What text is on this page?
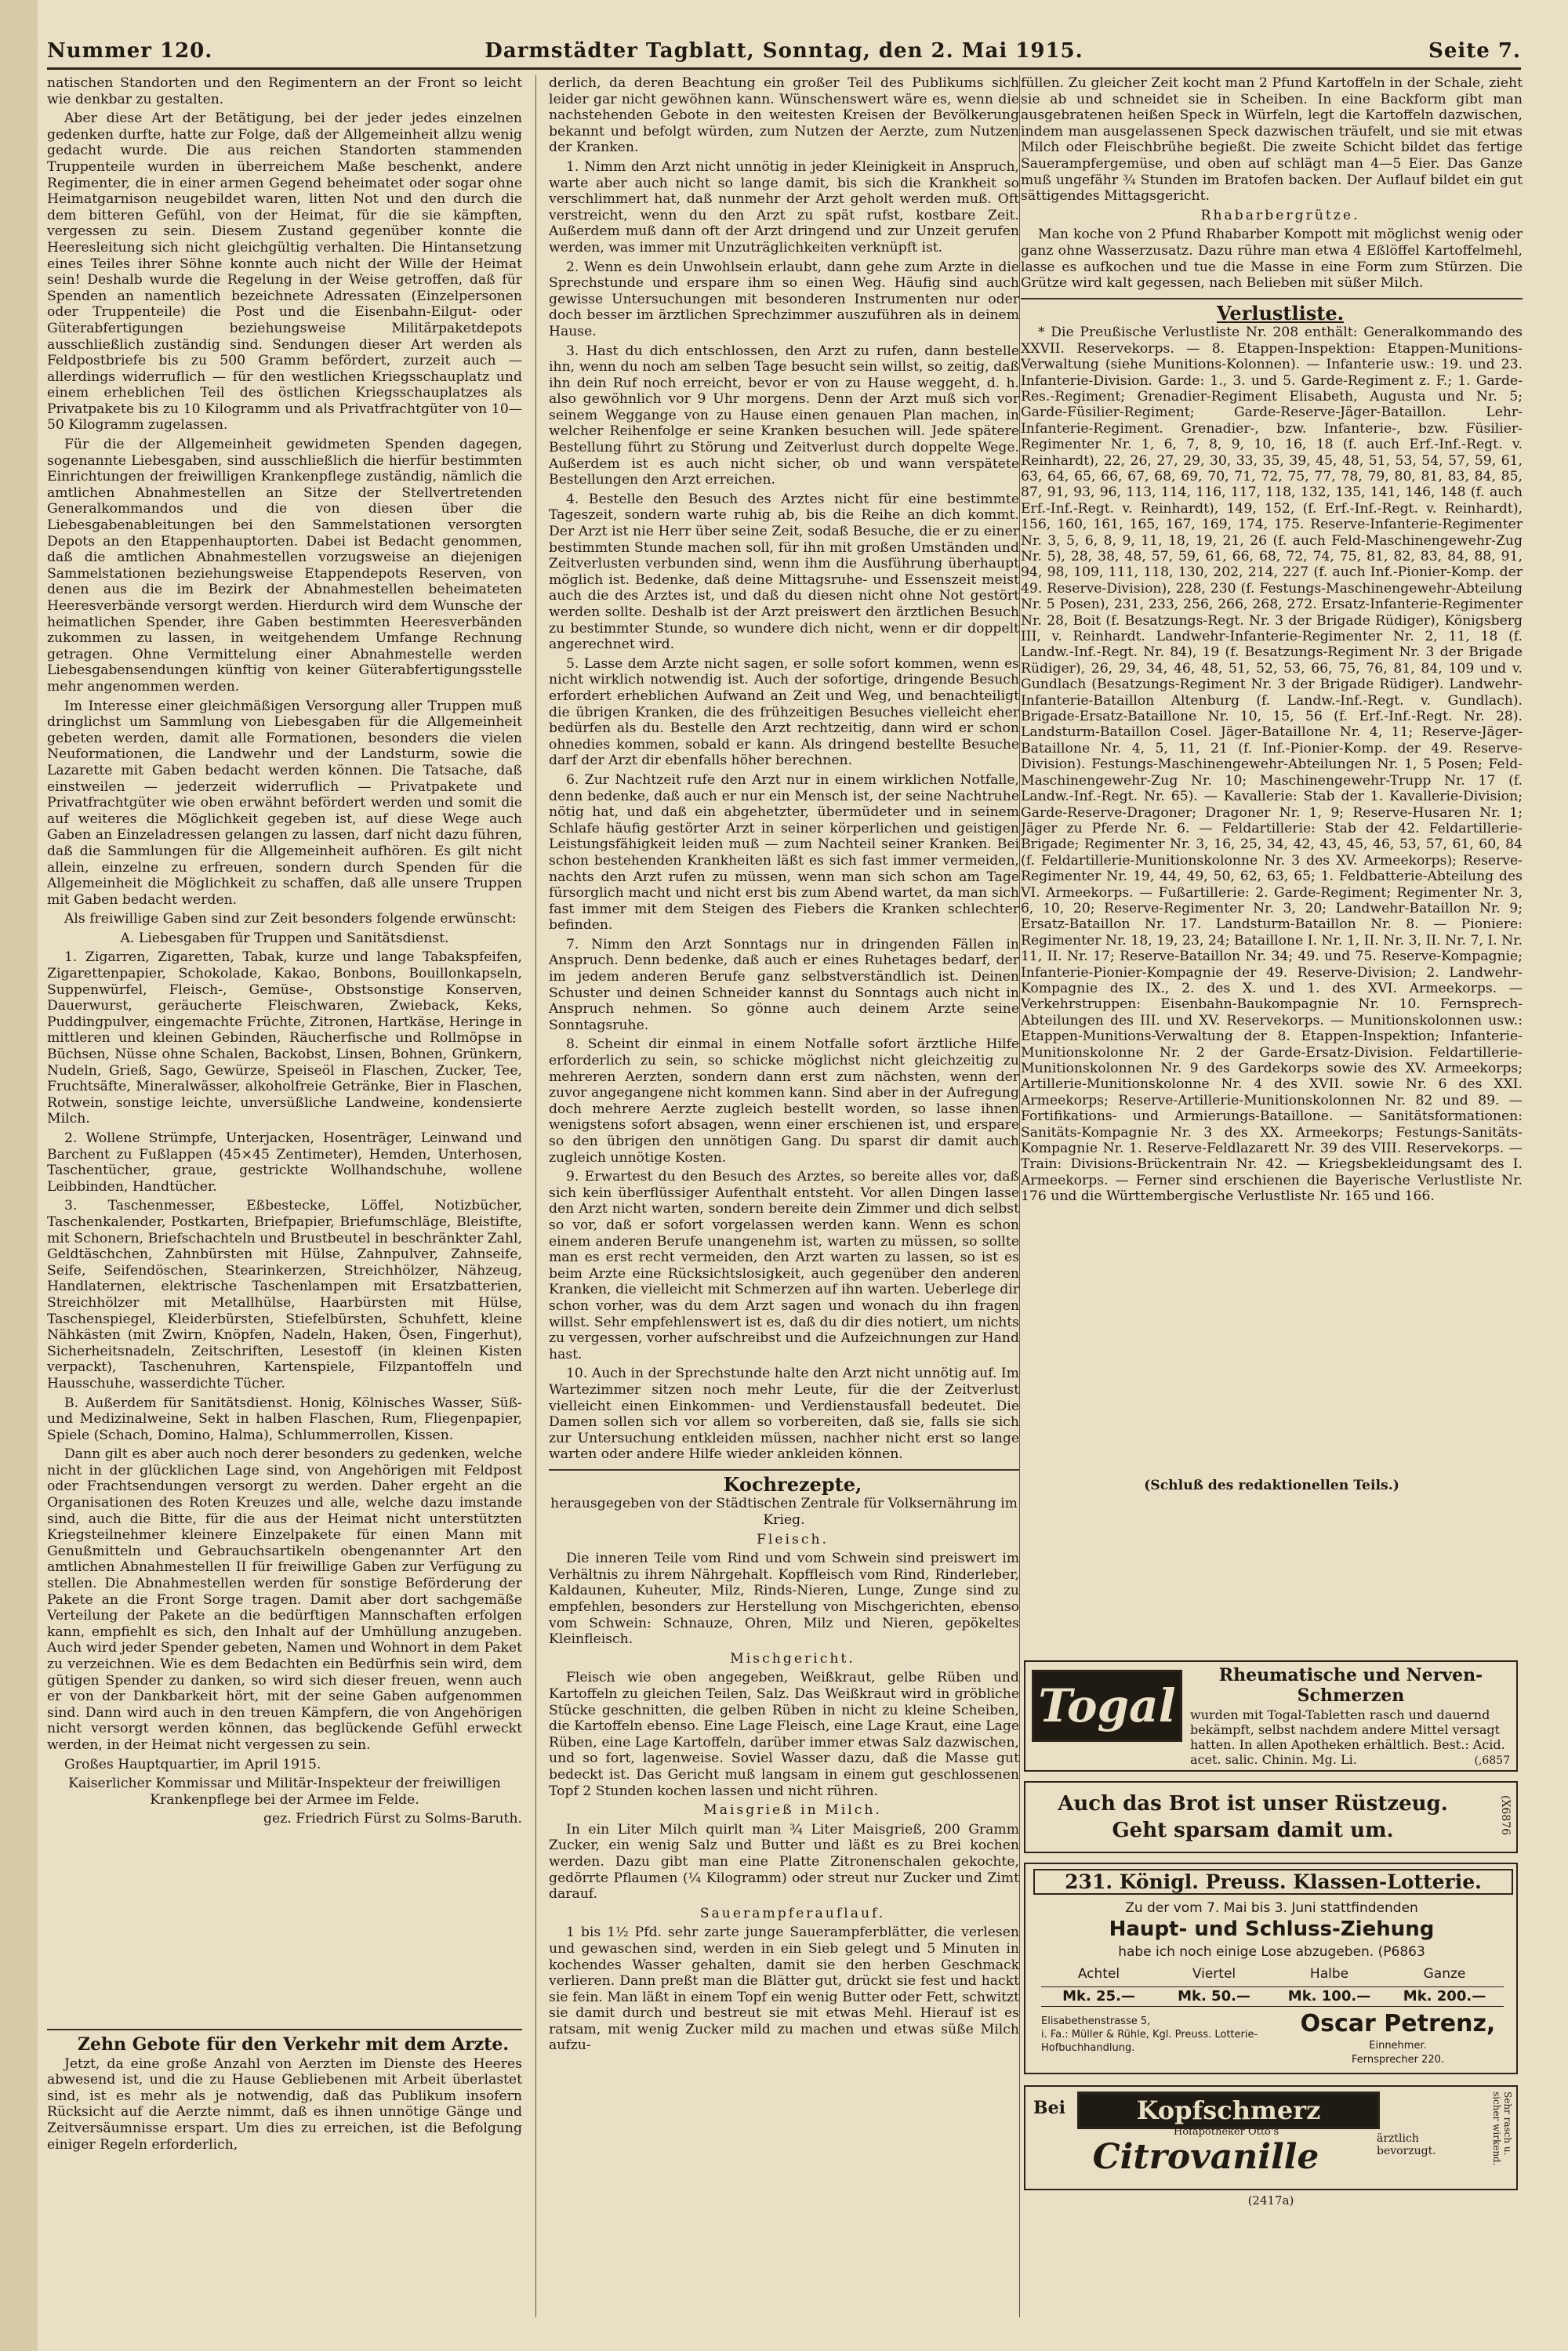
Nummer 120.	Darmstädter Tagblatt, Sonntag, den 2. Mai 1915.	Seite 7.

natischen Standorten und den Regimentern an der Front so leicht wie denkbar zu gestalten.

Aber diese Art der Betätigung, bei der jeder jedes einzelnen gedenken durfte, hatte zur Folge, daß der Allgemeinheit allzu wenig gedacht wurde. Die aus reichen Standorten stammenden Truppenteile wurden in überreichem Maße beschenkt, andere Regimenter, die in einer armen Gegend beheimatet oder sogar ohne Heimatgarnison neugebildet waren, litten Not und den durch die dem bitteren Gefühl, von der Heimat, für die sie kämpften, vergessen zu sein. Diesem Zustand gegenüber konnte die Heeresleitung sich nicht gleichgültig verhalten. Die Hintansetzung eines Teiles ihrer Söhne konnte auch nicht der Wille der Heimat sein! Deshalb wurde die Regelung in der Weise getroffen, daß für Spenden an namentlich bezeichnete Adressaten (Einzelpersonen oder Truppenteile) die Post und die Eisenbahn-Eilgut- oder Güterabfertigungen beziehungsweise Militärpaketdepots ausschließlich zuständig sind. Sendungen dieser Art werden als Feldpostbriefe bis zu 500 Gramm befördert, zurzeit auch — allerdings widerruflich — für den westlichen Kriegsschauplatz und einem erheblichen Teil des östlichen Kriegsschauplatzes als Privatpakete bis zu 10 Kilogramm und als Privatfrachtgüter von 10—50 Kilogramm zugelassen.

Für die der Allgemeinheit gewidmeten Spenden dagegen, sogenannte Liebesgaben, sind ausschließlich die hierfür bestimmten Einrichtungen der freiwilligen Krankenpflege zuständig, nämlich die amtlichen Abnahmestellen an Sitze der Stellvertretenden Generalkommandos und die von diesen über die Liebesgabenableitungen bei den Sammelstationen versorgten Depots an den Etappenhauptorten. Dabei ist Bedacht genommen, daß die amtlichen Abnahmestellen vorzugsweise an diejenigen Sammelstationen beziehungsweise Etappendepots Reserven, von denen aus die im Bezirk der Abnahmestellen beheimateten Heeresverbände versorgt werden. Hierdurch wird dem Wunsche der heimatlichen Spender, ihre Gaben bestimmten Heeresverbänden zukommen zu lassen, in weitgehendem Umfange Rechnung getragen. Ohne Vermittelung einer Abnahmestelle werden Liebesgabensendungen künftig von keiner Güterabfertigungsstelle mehr angenommen werden.

Im Interesse einer gleichmäßigen Versorgung aller Truppen muß dringlichst um Sammlung von Liebesgaben für die Allgemeinheit gebeten werden, damit alle Formationen, besonders die vielen Neuformationen, die Landwehr und der Landsturm, sowie die Lazarette mit Gaben bedacht werden können. Die Tatsache, daß einstweilen — jederzeit widerruflich — Privatpakete und Privatfrachtgüter wie oben erwähnt befördert werden und somit die auf weiteres die Möglichkeit gegeben ist, auf diese Wege auch Gaben an Einzeladressen gelangen zu lassen, darf nicht dazu führen, daß die Sammlungen für die Allgemeinheit aufhören. Es gilt nicht allein, einzelne zu erfreuen, sondern durch Spenden für die Allgemeinheit die Möglichkeit zu schaffen, daß alle unsere Truppen mit Gaben bedacht werden.

Als freiwillige Gaben sind zur Zeit besonders folgende erwünscht:

A. Liebesgaben für Truppen und Sanitätsdienst.

1. Zigarren, Zigaretten, Tabak, kurze und lange Tabakspfeifen, Zigarettenpapier, Schokolade, Kakao, Bonbons, Bouillonkapseln, Suppenwürfel, Fleisch-, Gemüse-, Obstsonstige Konserven, Dauerwurst, geräucherte Fleischwaren, Zwieback, Keks, Puddingpulver, eingemachte Früchte, Zitronen, Hartkäse, Heringe in mittleren und kleinen Gebinden, Räucherfische und Rollmöpse in Büchsen, Nüsse ohne Schalen, Backobst, Linsen, Bohnen, Grünkern, Nudeln, Grieß, Sago, Gewürze, Speiseöl in Flaschen, Zucker, Tee, Fruchtsäfte, Mineralwässer, alkoholfreie Getränke, Bier in Flaschen, Rotwein, sonstige leichte, unversüßliche Landweine, kondensierte Milch.

2. Wollene Strümpfe, Unterjacken, Hosenträger, Leinwand und Barchent zu Fußlappen (45×45 Zentimeter), Hemden, Unterhosen, Taschentücher, graue, gestrickte Wollhandschuhe, wollene Leibbinden, Handtücher.

3. Taschenmesser, Eßbestecke, Löffel, Notizbücher, Taschenkalender, Postkarten, Briefpapier, Briefumschläge, Bleistifte, mit Schonern, Briefschachteln und Brustbeutel in beschränkter Zahl, Geldtäschchen, Zahnbürsten mit Hülse, Zahnpulver, Zahnseife, Seife, Seifendöschen, Stearinkerzen, Streichhölzer, Nähzeug, Handlaternen, elektrische Taschenlampen mit Ersatzbatterien, Streichhölzer mit Metallhülse, Haarbürsten mit Hülse, Taschenspiegel, Kleiderbürsten, Stiefelbürsten, Schuhfett, kleine Nähkästen (mit Zwirn, Knöpfen, Nadeln, Haken, Ösen, Fingerhut), Sicherheitsnadeln, Zeitschriften, Lesestoff (in kleinen Kisten verpackt), Taschenuhren, Kartenspiele, Filzpantoffeln und Hausschuhe, wasserdichte Tücher.

B. Außerdem für Sanitätsdienst. Honig, Kölnisches Wasser, Süß- und Medizinalweine, Sekt in halben Flaschen, Rum, Fliegenpapier, Spiele (Schach, Domino, Halma), Schlummerrollen, Kissen.

Dann gilt es aber auch noch derer besonders zu gedenken, welche nicht in der glücklichen Lage sind, von Angehörigen mit Feldpost oder Frachtsendungen versorgt zu werden. Daher ergeht an die Organisationen des Roten Kreuzes und alle, welche dazu imstande sind, auch die Bitte, für die aus der Heimat nicht unterstützten Kriegsteilnehmer kleinere Einzelpakete für einen Mann mit Genußmitteln und Gebrauchsartikeln obengenannter Art den amtlichen Abnahmestellen II für freiwillige Gaben zur Verfügung zu stellen. Die Abnahmestellen werden für sonstige Beförderung der Pakete an die Front Sorge tragen. Damit aber dort sachgemäße Verteilung der Pakete an die bedürftigen Mannschaften erfolgen kann, empfiehlt es sich, den Inhalt auf der Umhüllung anzugeben. Auch wird jeder Spender gebeten, Namen und Wohnort in dem Paket zu verzeichnen. Wie es dem Bedachten ein Bedürfnis sein wird, dem gütigen Spender zu danken, so wird sich dieser freuen, wenn auch er von der Dankbarkeit hört, mit der seine Gaben aufgenommen sind. Dann wird auch in den treuen Kämpfern, die von Angehörigen nicht versorgt werden können, das beglückende Gefühl erweckt werden, in der Heimat nicht vergessen zu sein.

Großes Hauptquartier, im April 1915.

Kaiserlicher Kommissar und Militär-Inspekteur der freiwilligen Krankenpflege bei der Armee im Felde.

gez. Friedrich Fürst zu Solms-Baruth.

Zehn Gebote für den Verkehr mit dem Arzte.

Jetzt, da eine große Anzahl von Aerzten im Dienste des Heeres abwesend ist, und die zu Hause Gebliebenen mit Arbeit überlastet sind, ist es mehr als je notwendig, daß das Publikum insofern Rücksicht auf die Aerzte nimmt, daß es ihnen unnötige Gänge und Zeitversäumnisse erspart. Um dies zu erreichen, ist die Befolgung einiger Regeln erforderlich,

derlich, da deren Beachtung ein großer Teil des Publikums sich leider gar nicht gewöhnen kann. Wünschenswert wäre es, wenn die nachstehenden Gebote in den weitesten Kreisen der Bevölkerung bekannt und befolgt würden, zum Nutzen der Aerzte, zum Nutzen der Kranken.

1. Nimm den Arzt nicht unnötig in jeder Kleinigkeit in Anspruch, warte aber auch nicht so lange damit, bis sich die Krankheit so verschlimmert hat, daß nunmehr der Arzt geholt werden muß. Oft verstreicht, wenn du den Arzt zu spät rufst, kostbare Zeit. Außerdem muß dann oft der Arzt dringend und zur Unzeit gerufen werden, was immer mit Unzuträglichkeiten verknüpft ist.

2. Wenn es dein Unwohlsein erlaubt, dann gehe zum Arzte in die Sprechstunde und erspare ihm so einen Weg. Häufig sind auch gewisse Untersuchungen mit besonderen Instrumenten nur oder doch besser im ärztlichen Sprechzimmer auszuführen als in deinem Hause.

3. Hast du dich entschlossen, den Arzt zu rufen, dann bestelle ihn, wenn du noch am selben Tage besucht sein willst, so zeitig, daß ihn dein Ruf noch erreicht, bevor er von zu Hause weggeht, d. h. also gewöhnlich vor 9 Uhr morgens. Denn der Arzt muß sich vor seinem Weggange von zu Hause einen genauen Plan machen, in welcher Reihenfolge er seine Kranken besuchen will. Jede spätere Bestellung führt zu Störung und Zeitverlust durch doppelte Wege. Außerdem ist es auch nicht sicher, ob und wann verspätete Bestellungen den Arzt erreichen.

4. Bestelle den Besuch des Arztes nicht für eine bestimmte Tageszeit, sondern warte ruhig ab, bis die Reihe an dich kommt. Der Arzt ist nie Herr über seine Zeit, sodaß Besuche, die er zu einer bestimmten Stunde machen soll, für ihn mit großen Umständen und Zeitverlusten verbunden sind, wenn ihm die Ausführung überhaupt möglich ist. Bedenke, daß deine Mittagsruhe- und Essenszeit meist auch die des Arztes ist, und daß du diesen nicht ohne Not gestört werden sollte. Deshalb ist der Arzt preiswert den ärztlichen Besuch zu bestimmter Stunde, so wundere dich nicht, wenn er dir doppelt angerechnet wird.

5. Lasse dem Arzte nicht sagen, er solle sofort kommen, wenn es nicht wirklich notwendig ist. Auch der sofortige, dringende Besuch erfordert erheblichen Aufwand an Zeit und Weg, und benachteiligt die übrigen Kranken, die des frühzeitigen Besuches vielleicht eher bedürfen als du. Bestelle den Arzt rechtzeitig, dann wird er schon ohnedies kommen, sobald er kann. Als dringend bestellte Besuche darf der Arzt dir ebenfalls höher berechnen.

6. Zur Nachtzeit rufe den Arzt nur in einem wirklichen Notfalle, denn bedenke, daß auch er nur ein Mensch ist, der seine Nachtruhe nötig hat, und daß ein abgehetzter, übermüdeter und in seinem Schlafe häufig gestörter Arzt in seiner körperlichen und geistigen Leistungsfähigkeit leiden muß — zum Nachteil seiner Kranken. Bei schon bestehenden Krankheiten läßt es sich fast immer vermeiden, nachts den Arzt rufen zu müssen, wenn man sich schon am Tage fürsorglich macht und nicht erst bis zum Abend wartet, da man sich fast immer mit dem Steigen des Fiebers die Kranken schlechter befinden.

7. Nimm den Arzt Sonntags nur in dringenden Fällen in Anspruch. Denn bedenke, daß auch er eines Ruhetages bedarf, der im jedem anderen Berufe ganz selbstverständlich ist. Deinen Schuster und deinen Schneider kannst du Sonntags auch nicht in Anspruch nehmen. So gönne auch deinem Arzte seine Sonntagsruhe.

8. Scheint dir einmal in einem Notfalle sofort ärztliche Hilfe erforderlich zu sein, so schicke möglichst nicht gleichzeitig zu mehreren Aerzten, sondern dann erst zum nächsten, wenn der zuvor angegangene nicht kommen kann. Sind aber in der Aufregung doch mehrere Aerzte zugleich bestellt worden, so lasse ihnen wenigstens sofort absagen, wenn einer erschienen ist, und erspare so den übrigen den unnötigen Gang. Du sparst dir damit auch zugleich unnötige Kosten.

9. Erwartest du den Besuch des Arztes, so bereite alles vor, daß sich kein überflüssiger Aufenthalt entsteht. Vor allen Dingen lasse den Arzt nicht warten, sondern bereite dein Zimmer und dich selbst so vor, daß er sofort vorgelassen werden kann. Wenn es schon einem anderen Berufe unangenehm ist, warten zu müssen, so sollte man es erst recht vermeiden, den Arzt warten zu lassen, so ist es beim Arzte eine Rücksichtslosigkeit, auch gegenüber den anderen Kranken, die vielleicht mit Schmerzen auf ihn warten. Ueberlege dir schon vorher, was du dem Arzt sagen und wonach du ihn fragen willst. Sehr empfehlenswert ist es, daß du dir dies notiert, um nichts zu vergessen, vorher aufschreibst und die Aufzeichnungen zur Hand hast.

10. Auch in der Sprechstunde halte den Arzt nicht unnötig auf. Im Wartezimmer sitzen noch mehr Leute, für die der Zeitverlust vielleicht einen Einkommen- und Verdienstausfall bedeutet. Die Damen sollen sich vor allem so vorbereiten, daß sie, falls sie sich zur Untersuchung entkleiden müssen, nachher nicht erst so lange warten oder andere Hilfe wieder ankleiden können.

Kochrezepte,

herausgegeben von der Städtischen Zentrale für Volksernährung im Krieg.

Fleisch.

Die inneren Teile vom Rind und vom Schwein sind preiswert im Verhältnis zu ihrem Nährgehalt. Kopffleisch vom Rind, Rinderleber, Kaldaunen, Kuheuter, Milz, Rinds-Nieren, Lunge, Zunge sind zu empfehlen, besonders zur Herstellung von Mischgerichten, ebenso vom Schwein: Schnauze, Ohren, Milz und Nieren, gepökeltes Kleinfleisch.

Mischgericht.

Fleisch wie oben angegeben, Weißkraut, gelbe Rüben und Kartoffeln zu gleichen Teilen, Salz. Das Weißkraut wird in gröbliche Stücke geschnitten, die gelben Rüben in nicht zu kleine Scheiben, die Kartoffeln ebenso. Eine Lage Fleisch, eine Lage Kraut, eine Lage Rüben, eine Lage Kartoffeln, darüber immer etwas Salz dazwischen, und so fort, lagenweise. Soviel Wasser dazu, daß die Masse gut bedeckt ist. Das Gericht muß langsam in einem gut geschlossenen Topf 2 Stunden kochen lassen und nicht rühren.

Maisgrieß in Milch.

In ein Liter Milch quirlt man ¾ Liter Maisgrieß, 200 Gramm Zucker, ein wenig Salz und Butter und läßt es zu Brei kochen werden. Dazu gibt man eine Platte Zitronenschalen gekochte, gedörrte Pflaumen (¼ Kilogramm) oder streut nur Zucker und Zimt darauf.

Sauerampferauflauf.

1 bis 1½ Pfd. sehr zarte junge Sauerampferblätter, die verlesen und gewaschen sind, werden in ein Sieb gelegt und 5 Minuten in kochendes Wasser gehalten, damit sie den herben Geschmack verlieren. Dann preßt man die Blätter gut, drückt sie fest und hackt sie fein. Man läßt in einem Topf ein wenig Butter oder Fett, schwitzt sie damit durch und bestreut sie mit etwas Mehl. Hierauf ist es ratsam, mit wenig Zucker mild zu machen und etwas süße Milch aufzu-

füllen. Zu gleicher Zeit kocht man 2 Pfund Kartoffeln in der Schale, zieht sie ab und schneidet sie in Scheiben. In eine Backform gibt man ausgebratenen heißen Speck in Würfeln, legt die Kartoffeln dazwischen, indem man ausgelassenen Speck dazwischen träufelt, und sie mit etwas Milch oder Fleischbrühe begießt. Die zweite Schicht bildet das fertige Sauerampfergemüse, und oben auf schlägt man 4—5 Eier. Das Ganze muß ungefähr ¾ Stunden im Bratofen backen. Der Auflauf bildet ein gut sättigendes Mittagsgericht.

Rhabarbergrütze.

Man koche von 2 Pfund Rhabarber Kompott mit möglichst wenig oder ganz ohne Wasserzusatz. Dazu rühre man etwa 4 Eßlöffel Kartoffelmehl, lasse es aufkochen und tue die Masse in eine Form zum Stürzen. Die Grütze wird kalt gegessen, nach Belieben mit süßer Milch.

Verlustliste.

* Die Preußische Verlustliste Nr. 208 enthält: Generalkommando des XXVII. Reservekorps. — 8. Etappen-Inspektion: Etappen-Munitions-Verwaltung (siehe Munitions-Kolonnen). — Infanterie usw.: 19. und 23. Infanterie-Division. Garde: 1., 3. und 5. Garde-Regiment z. F.; 1. Garde-Res.-Regiment; Grenadier-Regiment Elisabeth, Augusta und Nr. 5; Garde-Füsilier-Regiment; Garde-Reserve-Jäger-Bataillon. Lehr-Infanterie-Regiment. Grenadier-, bzw. Infanterie-, bzw. Füsilier-Regimenter Nr. 1, 6, 7, 8, 9, 10, 16, 18 (f. auch Erf.-Inf.-Regt. v. Reinhardt), 22, 26, 27, 29, 30, 33, 35, 39, 45, 48, 51, 53, 54, 57, 59, 61, 63, 64, 65, 66, 67, 68, 69, 70, 71, 72, 75, 77, 78, 79, 80, 81, 83, 84, 85, 87, 91, 93, 96, 113, 114, 116, 117, 118, 132, 135, 141, 146, 148 (f. auch Erf.-Inf.-Regt. v. Reinhardt), 149, 152, (f. Erf.-Inf.-Regt. v. Reinhardt), 156, 160, 161, 165, 167, 169, 174, 175. Reserve-Infanterie-Regimenter Nr. 3, 5, 6, 8, 9, 11, 18, 19, 21, 26 (f. auch Feld-Maschinengewehr-Zug Nr. 5), 28, 38, 48, 57, 59, 61, 66, 68, 72, 74, 75, 81, 82, 83, 84, 88, 91, 94, 98, 109, 111, 118, 130, 202, 214, 227 (f. auch Inf.-Pionier-Komp. der 49. Reserve-Division), 228, 230 (f. Festungs-Maschinengewehr-Abteilung Nr. 5 Posen), 231, 233, 256, 266, 268, 272. Ersatz-Infanterie-Regimenter Nr. 28, Boit (f. Besatzungs-Regt. Nr. 3 der Brigade Rüdiger), Königsberg III, v. Reinhardt. Landwehr-Infanterie-Regimenter Nr. 2, 11, 18 (f. Landw.-Inf.-Regt. Nr. 84), 19 (f. Besatzungs-Regiment Nr. 3 der Brigade Rüdiger), 26, 29, 34, 46, 48, 51, 52, 53, 66, 75, 76, 81, 84, 109 und v. Gundlach (Besatzungs-Regiment Nr. 3 der Brigade Rüdiger). Landwehr-Infanterie-Bataillon Altenburg (f. Landw.-Inf.-Regt. v. Gundlach). Brigade-Ersatz-Bataillone Nr. 10, 15, 56 (f. Erf.-Inf.-Regt. Nr. 28). Landsturm-Bataillon Cosel. Jäger-Bataillone Nr. 4, 11; Reserve-Jäger-Bataillone Nr. 4, 5, 11, 21 (f. Inf.-Pionier-Komp. der 49. Reserve-Division). Festungs-Maschinengewehr-Abteilungen Nr. 1, 5 Posen; Feld-Maschinengewehr-Zug Nr. 10; Maschinengewehr-Trupp Nr. 17 (f. Landw.-Inf.-Regt. Nr. 65). — Kavallerie: Stab der 1. Kavallerie-Division; Garde-Reserve-Dragoner; Dragoner Nr. 1, 9; Reserve-Husaren Nr. 1; Jäger zu Pferde Nr. 6. — Feldartillerie: Stab der 42. Feldartillerie-Brigade; Regimenter Nr. 3, 16, 25, 34, 42, 43, 45, 46, 53, 57, 61, 60, 84 (f. Feldartillerie-Munitionskolonne Nr. 3 des XV. Armeekorps); Reserve-Regimenter Nr. 19, 44, 49, 50, 62, 63, 65; 1. Feldbatterie-Abteilung des VI. Armeekorps. — Fußartillerie: 2. Garde-Regiment; Regimenter Nr. 3, 6, 10, 20; Reserve-Regimenter Nr. 3, 20; Landwehr-Bataillon Nr. 9; Ersatz-Bataillon Nr. 17. Landsturm-Bataillon Nr. 8. — Pioniere: Regimenter Nr. 18, 19, 23, 24; Bataillone I. Nr. 1, II. Nr. 3, II. Nr. 7, I. Nr. 11, II. Nr. 17; Reserve-Bataillon Nr. 34; 49. und 75. Reserve-Kompagnie; Infanterie-Pionier-Kompagnie der 49. Reserve-Division; 2. Landwehr-Kompagnie des IX., 2. des X. und 1. des XVI. Armeekorps. — Verkehrstruppen: Eisenbahn-Baukompagnie Nr. 10. Fernsprech-Abteilungen des III. und XV. Reservekorps. — Munitionskolonnen usw.: Etappen-Munitions-Verwaltung der 8. Etappen-Inspektion; Infanterie-Munitionskolonne Nr. 2 der Garde-Ersatz-Division. Feldartillerie-Munitionskolonnen Nr. 9 des Gardekorps sowie des XV. Armeekorps; Artillerie-Munitionskolonne Nr. 4 des XVII. sowie Nr. 6 des XXI. Armeekorps; Reserve-Artillerie-Munitionskolonnen Nr. 82 und 89. — Fortifikations- und Armierungs-Bataillone. — Sanitätsformationen: Sanitäts-Kompagnie Nr. 3 des XX. Armeekorps; Festungs-Sanitäts-Kompagnie Nr. 1. Reserve-Feldlazarett Nr. 39 des VIII. Reservekorps. — Train: Divisions-Brückentrain Nr. 42. — Kriegsbekleidungsamt des I. Armeekorps. — Ferner sind erschienen die Bayerische Verlustliste Nr. 176 und die Württembergische Verlustliste Nr. 165 und 166.

(Schluß des redaktionellen Teils.)

Togal
Rheumatische und Nerven-Schmerzen
wurden mit Togal-Tabletten rasch und dauernd bekämpft, selbst nachdem andere Mittel versagt hatten. In allen Apotheken erhältlich. Best.: Acid. acet. salic. Chinin. Mg. Li.	(,6857
Auch das Brot ist unser Rüstzeug. Geht sparsam damit um.	(X6876
231. Königl. Preuss. Klassen-Lotterie.
Zu der vom 7. Mai bis 3. Juni stattfindenden
Haupt- und Schluss-Ziehung
habe ich noch einige Lose abzugeben. (P6863
Achtel	Viertel	Halbe	Ganze
Mk. 25.—	Mk. 50.—	Mk. 100.—	Mk. 200.—
Elisabethenstrasse 5,
i. Fa.: Müller & Rühle, Kgl. Preuss. Lotterie-
Hofbuchhandlung.
Oscar Petrenz,
Einnehmer.
Fernsprecher 220.
Bei	Kopfschmerz
Hofapotheker Otto's
Citrovanille	ärztlich bevorzugt.	Sehr rasch u. sicher wirkend.
(2417a)
